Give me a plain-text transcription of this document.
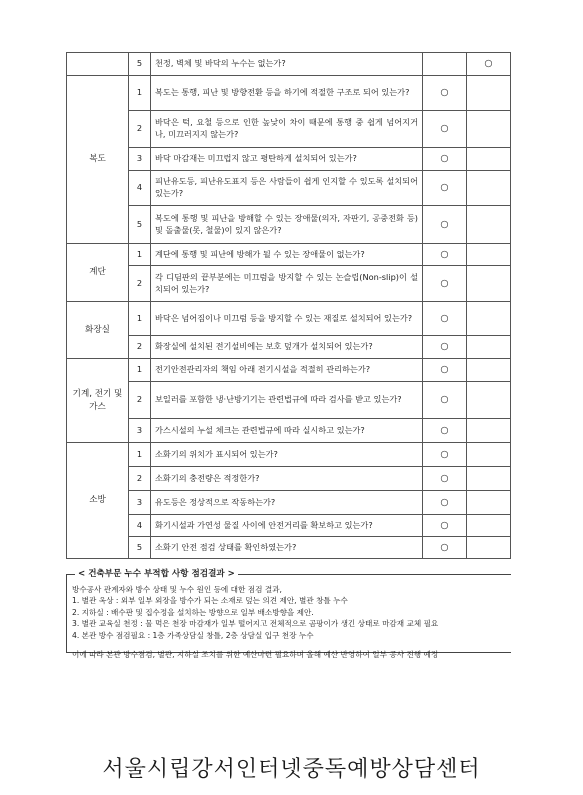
	5	천정, 벽체 및 바닥의 누수는 없는가?		○
복도	1	복도는 통행, 피난 및 방향전환 등을 하기에 적절한 구조로 되어 있는가?	○	
	2	바닥은 턱, 요철 등으로 인한 높낮이 차이 때문에 통행 중 쉽게 넘어지거나, 미끄러지지 않는가?	○	
	3	바닥 마감재는 미끄럽지 않고 평탄하게 설치되어 있는가?	○	
	4	피난유도등, 피난유도표지 등은 사람들이 쉽게 인지할 수 있도록 설치되어 있는가?	○	
	5	복도에 통행 및 피난을 방해할 수 있는 장애물(의자, 자판기, 공중전화 등) 및 돌출물(못, 철물)이 있지 않은가?	○	
계단	1	계단에 통행 및 피난에 방해가 될 수 있는 장애물이 없는가?	○	
	2	각 디딤판의 끝부분에는 미끄럼을 방지할 수 있는 논슬립(Non-slip)이 설치되어 있는가?	○	
화장실	1	바닥은 넘어짐이나 미끄럼 등을 방지할 수 있는 재질로 설치되어 있는가?	○	
	2	화장실에 설치된 전기설비에는 보호 덮개가 설치되어 있는가?	○	
기계, 전기 및 가스	1	전기안전관리자의 책임 아래 전기시설을 적절히 관리하는가?	○	
	2	보일러를 포함한 냉·난방기기는 관련법규에 따라 검사를 받고 있는가?	○	
	3	가스시설의 누설 체크는 관련법규에 따라 실시하고 있는가?	○	
소방	1	소화기의 위치가 표시되어 있는가?	○	
	2	소화기의 충전량은 적정한가?	○	
	3	유도등은 정상적으로 작동하는가?	○	
	4	화기시설과 가연성 물질 사이에 안전거리를 확보하고 있는가?	○	
	5	소화기 안전 점검 상태를 확인하였는가?	○	
< 건축부문 누수 부적합 사항 점검결과 >

방수공사 관계자와 방수 상태 및 누수 원인 등에 대한 점검 결과,

1. 별관 옥상 : 외부 일부 외장을 방수가 되는 소재로 덮는 의견 제안, 별관 창틀 누수

2. 지하실 : 배수판 및 집수정을 설치하는 방향으로 일부 배소방향을 제안.

3. 별관 교육실 천정 : 물 먹은 천장 마감재가 일부 떨어지고 전체적으로 곰팡이가 생긴 상태로 마감재 교체 필요

4. 본관 방수 점검필요 : 1층 가족상담실 창틀, 2층 상담실 입구 천장 누수

이에 따라 본관 방수점검, 별관, 지하실 조치를 위한 예산마련 필요하며 올해 예산 반영하여 일부 공사 진행 예정

서울시립강서인터넷중독예방상담센터
